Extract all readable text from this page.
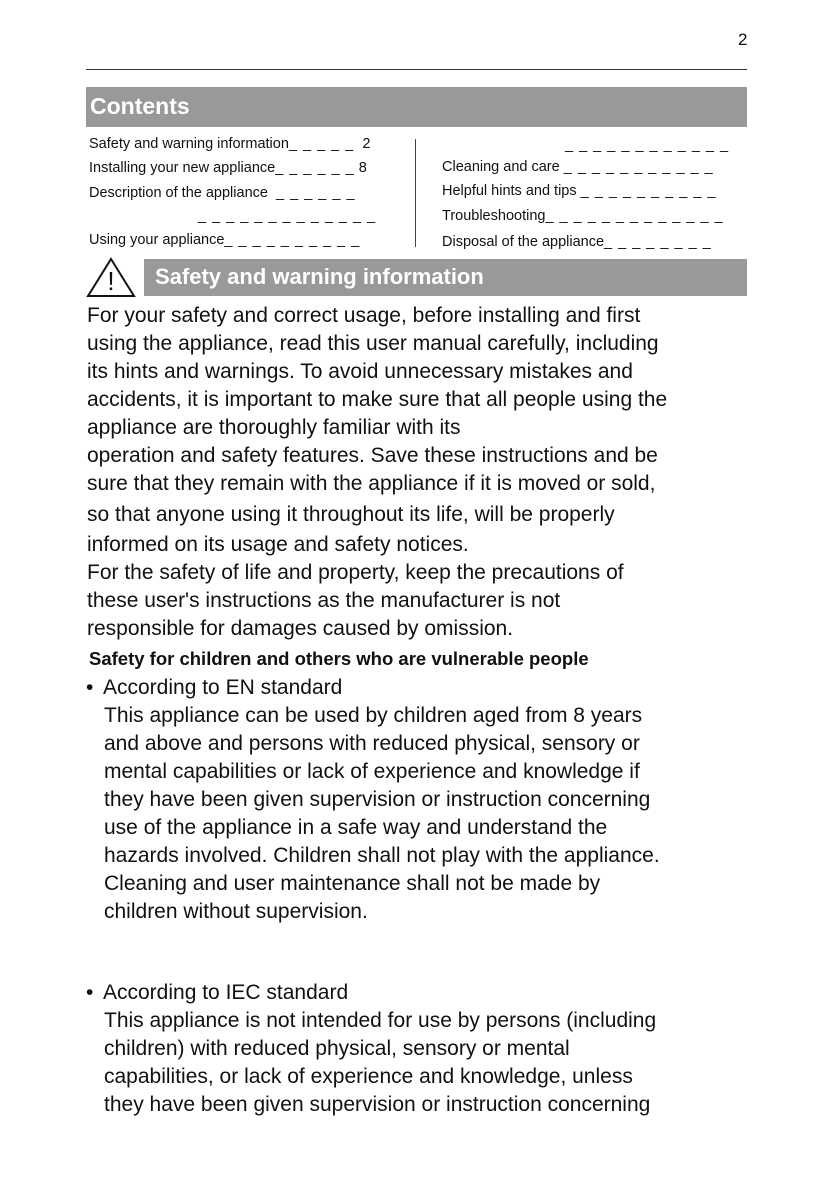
2
Contents
Safety and warning information_ _ _ _ _ 2
Installing your new appliance_ _ _ _ _ _ 8
Description of the appliance _ _ _ _ _ _
_ _ _ _ _ _ _ _ _ _ _ _ _
Using your appliance_ _ _ _ _ _ _ _ _ _
_ _ _ _ _ _ _ _ _ _ _ _
Cleaning and care _ _ _ _ _ _ _ _ _ _ _
Helpful hints and tips _ _ _ _ _ _ _ _ _ _
Troubleshooting_ _ _ _ _ _ _ _ _ _ _ _ _
Disposal of the appliance_ _ _ _ _ _ _ _
!	Safety and warning information
For your safety and correct usage, before installing and first
using the appliance, read this user manual carefully, including
its hints and warnings. To avoid unnecessary mistakes and
accidents, it is important to make sure that all people using the
appliance are thoroughly familiar with its
operation and safety features. Save these instructions and be
sure that they remain with the appliance if it is moved or sold,
so that anyone using it throughout its life, will be properly
informed on its usage and safety notices.
For the safety of life and property, keep the precautions of
these user's instructions as the manufacturer is not
responsible for damages caused by omission.
Safety for children and others who are vulnerable people
• According to EN standard
This appliance can be used by children aged from 8 years
and above and persons with reduced physical, sensory or
mental capabilities or lack of experience and knowledge if
they have been given supervision or instruction concerning
use of the appliance in a safe way and understand the
hazards involved. Children shall not play with the appliance.
Cleaning and user maintenance shall not be made by
children without supervision.
• According to IEC standard
This appliance is not intended for use by persons (including
children) with reduced physical, sensory or mental
capabilities, or lack of experience and knowledge, unless
they have been given supervision or instruction concerning
